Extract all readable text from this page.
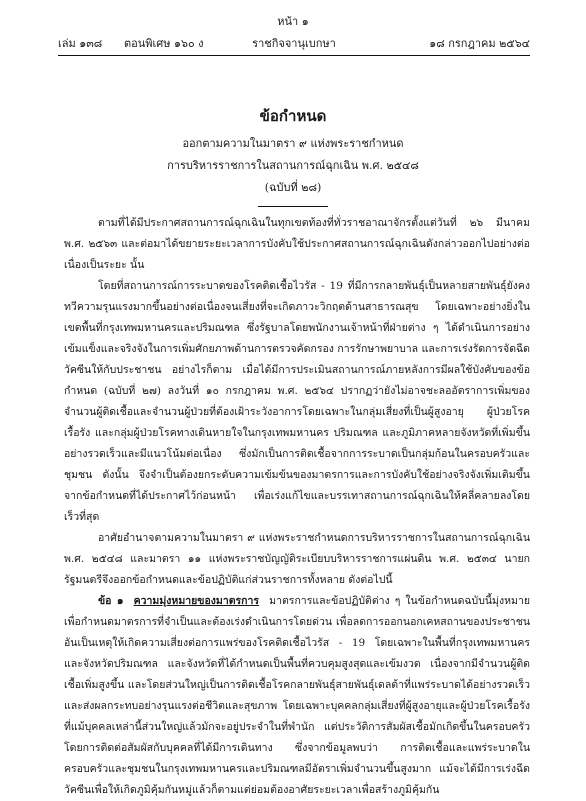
หน้า ๑
เล่ม ๑๓๘ ตอนพิเศษ ๑๖๐ ง	ราชกิจจานุเบกษา	๑๘ กรกฎาคม ๒๕๖๔
ข้อกำหนด
ออกตามความในมาตรา ๙ แห่งพระราชกำหนด
การบริหารราชการในสถานการณ์ฉุกเฉิน พ.ศ. ๒๕๔๘
(ฉบับที่ ๒๘)

ตามที่ได้มีประกาศสถานการณ์ฉุกเฉินในทุกเขตท้องที่ทั่วราชอาณาจักรตั้งแต่วันที่ ๒๖ มีนาคม พ.ศ. ๒๕๖๓ และต่อมาได้ขยายระยะเวลาการบังคับใช้ประกาศสถานการณ์ฉุกเฉินดังกล่าวออกไปอย่างต่อเนื่องเป็นระยะ นั้น

โดยที่สถานการณ์การระบาดของโรคติดเชื้อไวรัส - 19 ที่มีการกลายพันธุ์เป็นหลายสายพันธุ์ยังคงทวีความรุนแรงมากขึ้นอย่างต่อเนื่องจนเสี่ยงที่จะเกิดภาวะวิกฤตด้านสาธารณสุข โดยเฉพาะอย่างยิ่งในเขตพื้นที่กรุงเทพมหานครและปริมณฑล ซึ่งรัฐบาลโดยพนักงานเจ้าหน้าที่ฝ่ายต่าง ๆ ได้ดำเนินการอย่างเข้มแข็งและจริงจังในการเพิ่มศักยภาพด้านการตรวจคัดกรอง การรักษาพยาบาล และการเร่งรัดการจัดฉีดวัคซีนให้กับประชาชน อย่างไรก็ตาม เมื่อได้มีการประเมินสถานการณ์ภายหลังการมีผลใช้บังคับของข้อกำหนด (ฉบับที่ ๒๗) ลงวันที่ ๑๐ กรกฎาคม พ.ศ. ๒๕๖๔ ปรากฏว่ายังไม่อาจชะลออัตราการเพิ่มของจำนวนผู้ติดเชื้อและจำนวนผู้ป่วยที่ต้องเฝ้าระวังอาการโดยเฉพาะในกลุ่มเสี่ยงที่เป็นผู้สูงอายุ ผู้ป่วยโรคเรื้อรัง และกลุ่มผู้ป่วยโรคทางเดินหายใจในกรุงเทพมหานคร ปริมณฑล และภูมิภาคหลายจังหวัดที่เพิ่มขึ้นอย่างรวดเร็วและมีแนวโน้มต่อเนื่อง ซึ่งมักเป็นการติดเชื้อจากการระบาดเป็นกลุ่มก้อนในครอบครัวและชุมชน ดังนั้น จึงจำเป็นต้องยกระดับความเข้มข้นของมาตรการและการบังคับใช้อย่างจริงจังเพิ่มเติมขึ้นจากข้อกำหนดที่ได้ประกาศไว้ก่อนหน้า เพื่อเร่งแก้ไขและบรรเทาสถานการณ์ฉุกเฉินให้คลี่คลายลงโดยเร็วที่สุด

อาศัยอำนาจตามความในมาตรา ๙ แห่งพระราชกำหนดการบริหารราชการในสถานการณ์ฉุกเฉิน พ.ศ. ๒๕๔๘ และมาตรา ๑๑ แห่งพระราชบัญญัติระเบียบบริหารราชการแผ่นดิน พ.ศ. ๒๕๓๔ นายกรัฐมนตรีจึงออกข้อกำหนดและข้อปฏิบัติแก่ส่วนราชการทั้งหลาย ดังต่อไปนี้

ข้อ ๑ ความมุ่งหมายของมาตรการ มาตรการและข้อปฏิบัติต่าง ๆ ในข้อกำหนดฉบับนี้มุ่งหมายเพื่อกำหนดมาตรการที่จำเป็นและต้องเร่งดำเนินการโดยด่วน เพื่อลดการออกนอกเคหสถานของประชาชนอันเป็นเหตุให้เกิดความเสี่ยงต่อการแพร่ของโรคติดเชื้อไวรัส - 19 โดยเฉพาะในพื้นที่กรุงเทพมหานครและจังหวัดปริมณฑล และจังหวัดที่ได้กำหนดเป็นพื้นที่ควบคุมสูงสุดและเข้มงวด เนื่องจากมีจำนวนผู้ติดเชื้อเพิ่มสูงขึ้น และโดยส่วนใหญ่เป็นการติดเชื้อโรคกลายพันธุ์สายพันธุ์เดลต้าที่แพร่ระบาดได้อย่างรวดเร็วและส่งผลกระทบอย่างรุนแรงต่อชีวิตและสุขภาพ โดยเฉพาะบุคคลกลุ่มเสี่ยงที่ผู้สูงอายุและผู้ป่วยโรคเรื้อรังที่แม้บุคคลเหล่านี้ส่วนใหญ่แล้วมักจะอยู่ประจำในที่พำนัก แต่ประวัติการสัมผัสเชื้อมักเกิดขึ้นในครอบครัว โดยการติดต่อสัมผัสกับบุคคลที่ได้มีการเดินทาง ซึ่งจากข้อมูลพบว่า การติดเชื้อและแพร่ระบาดในครอบครัวและชุมชนในกรุงเทพมหานครและปริมณฑลมีอัตราเพิ่มจำนวนขึ้นสูงมาก แม้จะได้มีการเร่งฉีดวัคซีนเพื่อให้เกิดภูมิคุ้มกันหมู่แล้วก็ตามแต่ย่อมต้องอาศัยระยะเวลาเพื่อสร้างภูมิคุ้มกัน
